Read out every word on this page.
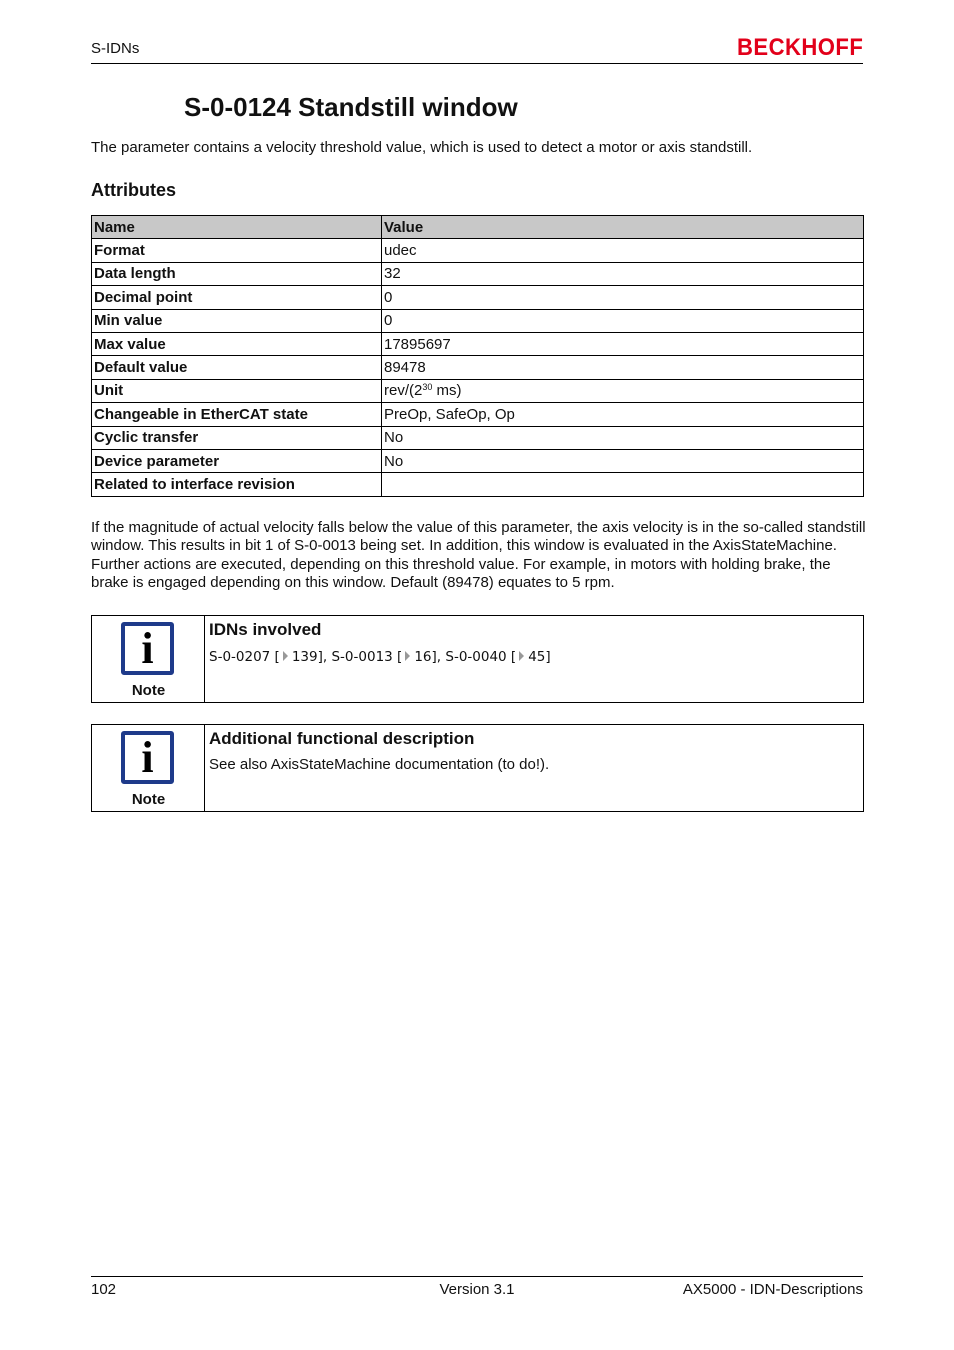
S-IDNs	BECKHOFF
S-0-0124 Standstill window

The parameter contains a velocity threshold value, which is used to detect a motor or axis standstill.

Attributes
Name	Value
Format	udec
Data length	32
Decimal point	0
Min value	0
Max value	17895697
Default value	89478
Unit	rev/($2^{30}$ ms)
Changeable in EtherCAT state	PreOp, SafeOp, Op
Cyclic transfer	No
Device parameter	No
Related to interface revision	

If the magnitude of actual velocity falls below the value of this parameter, the axis velocity is in the so-called standstill window. This results in bit 1 of S-0-0013 being set. In addition, this window is evaluated in the AxisStateMachine. Further actions are executed, depending on this threshold value. For example, in motors with holding brake, the brake is engaged depending on this window. Default (89478) equates to 5 rpm.

i
Note
IDNs involved
S-0-0207 [ 139], S-0-0013 [ 16], S-0-0040 [ 45]
i
Note
Additional functional description
See also AxisStateMachine documentation (to do!).
102	Version 3.1	AX5000 - IDN-Descriptions
